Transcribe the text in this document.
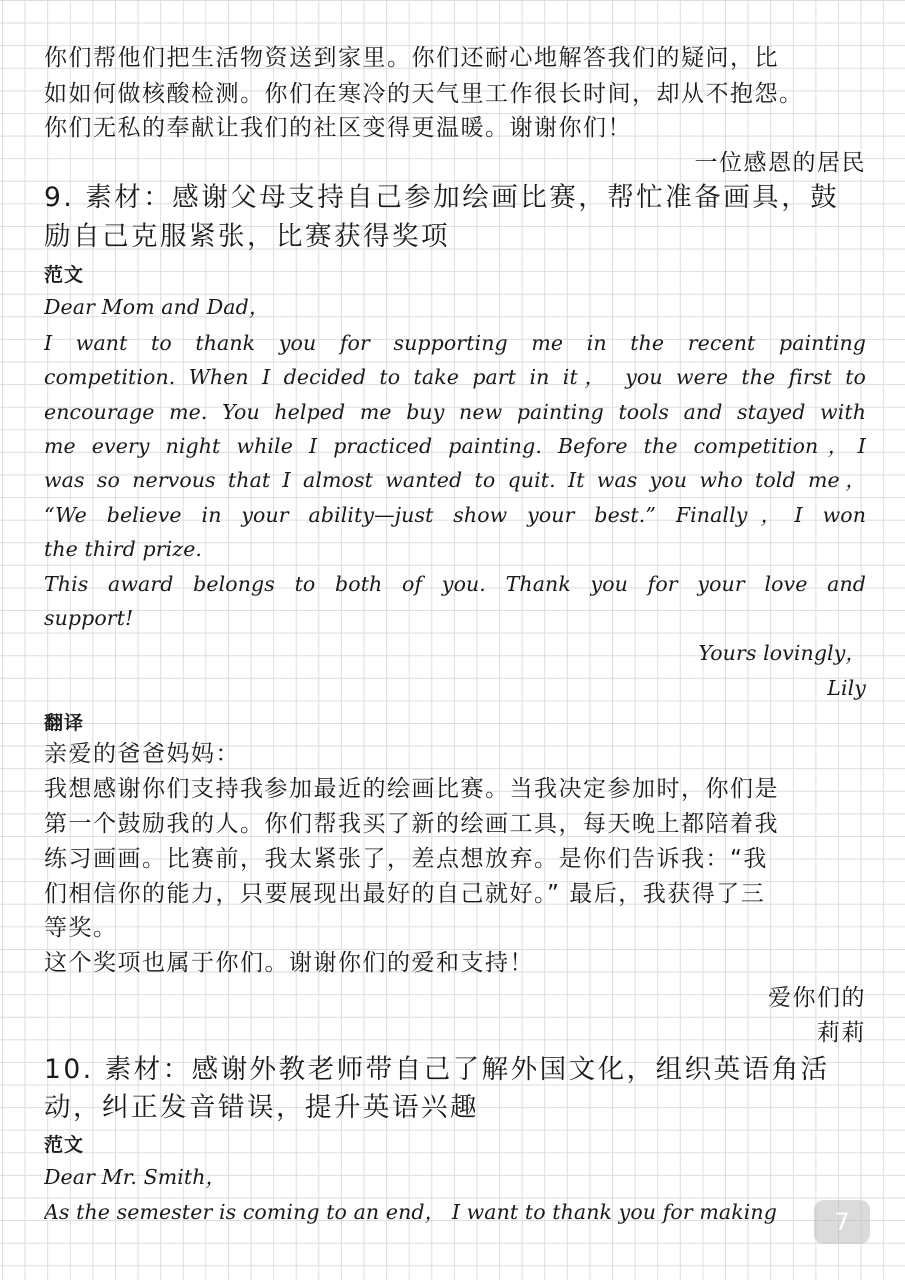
你们帮他们把生活物资送到家里。你们还耐心地解答我们的疑问，比
如如何做核酸检测。你们在寒冷的天气里工作很长时间，却从不抱怨。
你们无私的奉献让我们的社区变得更温暖。谢谢你们！
一位感恩的居民
9. 素材：感谢父母支持自己参加绘画比赛，帮忙准备画具，鼓
励自己克服紧张，比赛获得奖项
范文
Dear Mom and Dad，
I want to thank you for supporting me in the recent painting
competition. When I decided to take part in it， you were the first to
encourage me. You helped me buy new painting tools and stayed with
me every night while I practiced painting. Before the competition，I
was so nervous that I almost wanted to quit. It was you who told me，
“We believe in your ability—just show your best.” Finally，I won
the third prize.
This award belongs to both of you. Thank you for your love and
support!
Yours lovingly，
Lily
翻译
亲爱的爸爸妈妈：
我想感谢你们支持我参加最近的绘画比赛。当我决定参加时，你们是
第一个鼓励我的人。你们帮我买了新的绘画工具，每天晚上都陪着我
练习画画。比赛前，我太紧张了，差点想放弃。是你们告诉我：“我
们相信你的能力，只要展现出最好的自己就好。” 最后，我获得了三
等奖。
这个奖项也属于你们。谢谢你们的爱和支持！
爱你们的
莉莉
10. 素材：感谢外教老师带自己了解外国文化，组织英语角活
动，纠正发音错误，提升英语兴趣
范文
Dear Mr. Smith，
As the semester is coming to an end， I want to thank you for making	7
